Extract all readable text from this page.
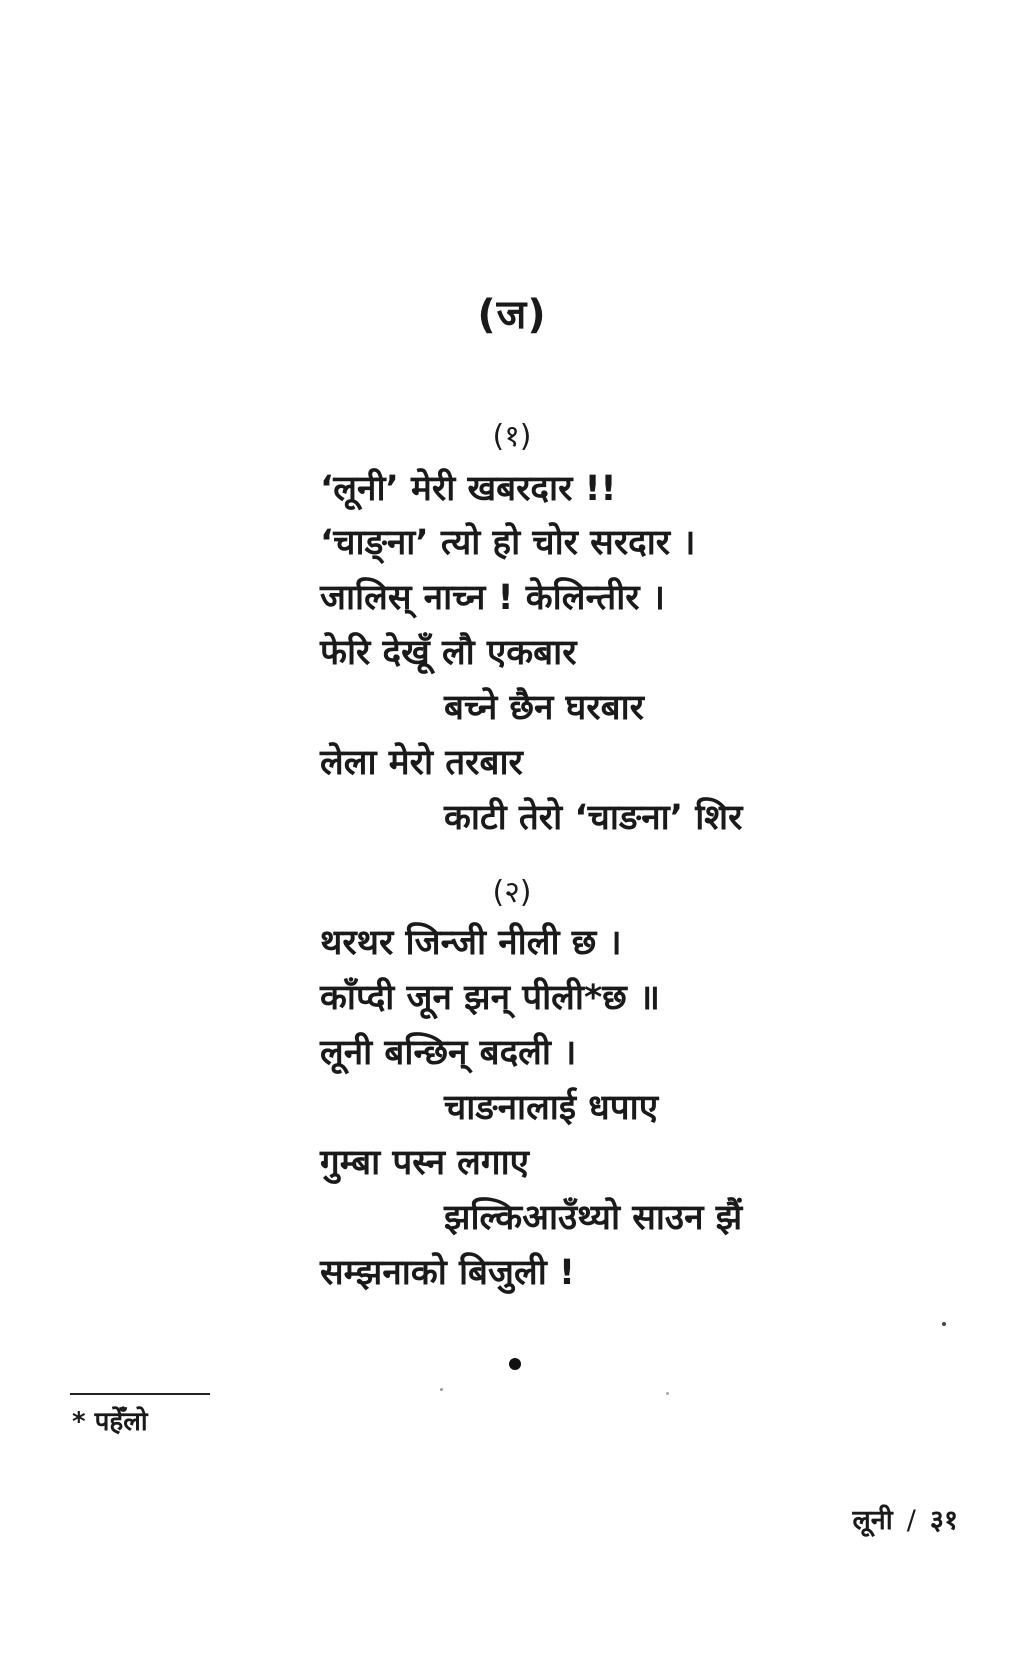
(ज)
(१)
‘लूनी’ मेरी खबरदार !!
‘चाङ्ना’ त्यो हो चोर सरदार ।
जालिस् नाच्न ! केलिन्तीर ।
फेरि देखूँ लौ एकबार
बच्ने छैन घरबार
लेला मेरो तरबार
काटी तेरो ‘चाङना’ शिर
(२)
थरथर जिन्जी नीली छ ।
काँप्दी जून झन् पीली*छ ॥
लूनी बन्छिन् बदली ।
चाङनालाई धपाए
गुम्बा पस्न लगाए
झल्किआउँथ्यो साउन झैं
सम्झनाको बिजुली !
* पहेँलो
लूनी / ३१
